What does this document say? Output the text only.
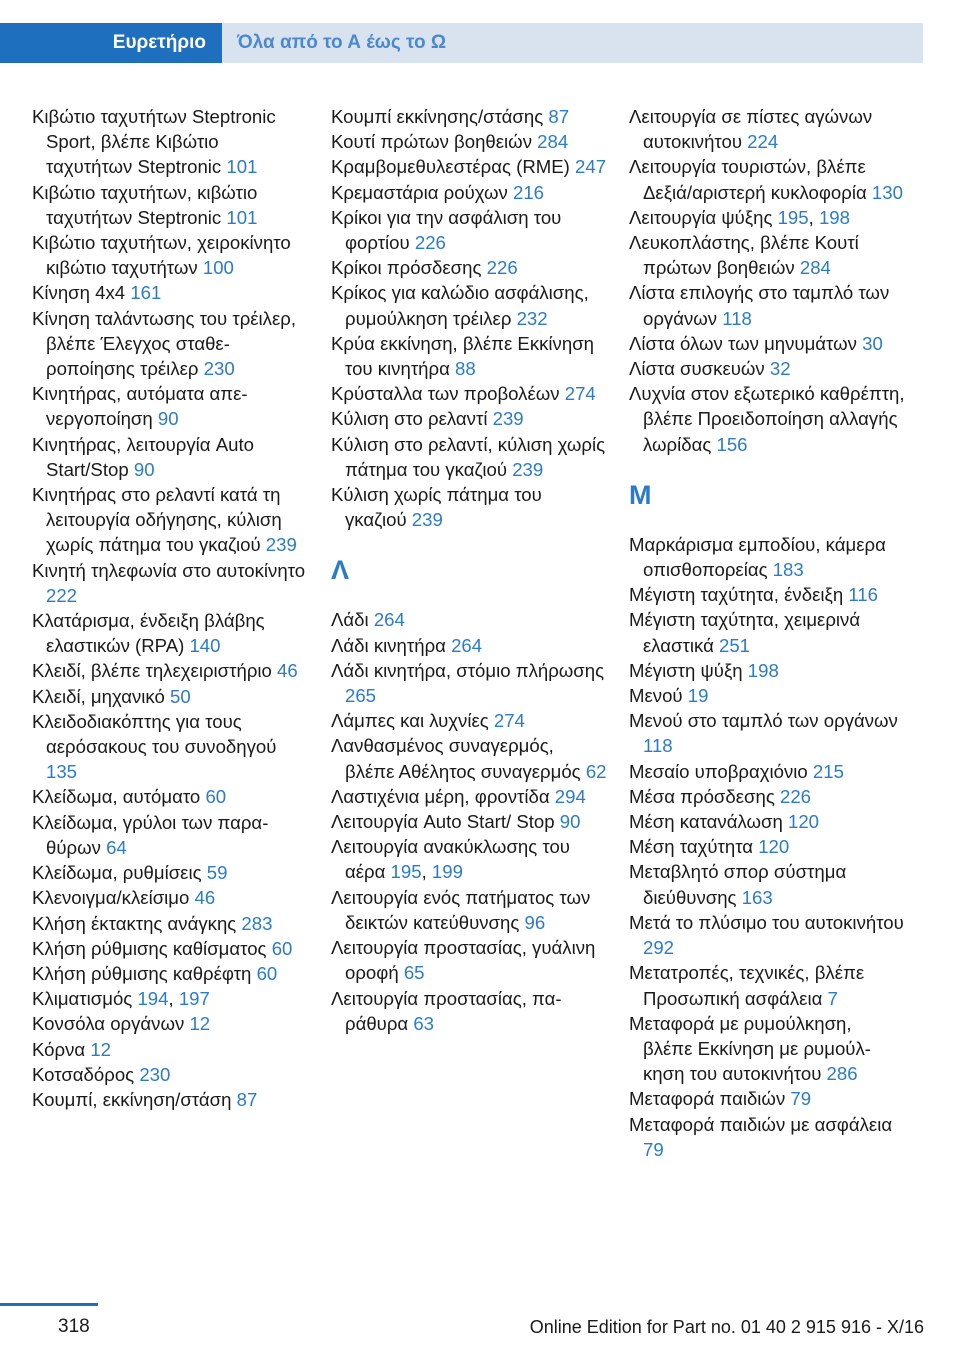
Ευρετήριο	Όλα από το Α έως το Ω
Κιβώτιο ταχυτήτων Steptronic Sport, βλέπε Κιβώτιο ταχυτήτων Steptronic 101
Κιβώτιο ταχυτήτων, κιβώτιο ταχυτήτων Steptronic 101
Κιβώτιο ταχυτήτων, χειροκίνητο κιβώτιο ταχυτήτων 100
Κίνηση 4x4 161
Κίνηση ταλάντωσης του τρέιλερ, βλέπε Έλεγχος σταθεροποίησης τρέιλερ 230
Κινητήρας, αυτόματα απενεργοποίηση 90
Κινητήρας, λειτουργία Auto Start/Stop 90
Κινητήρας στο ρελαντί κατά τη λειτουργία οδήγησης, κύλιση χωρίς πάτημα του γκαζιού 239
Κινητή τηλεφωνία στο αυτοκίνητο 222
Κλατάρισμα, ένδειξη βλάβης ελαστικών (RPA) 140
Κλειδί, βλέπε τηλεχειριστήριο 46
Κλειδί, μηχανικό 50
Κλειδοδιακόπτης για τους αερόσακους του συνοδηγού 135
Κλείδωμα, αυτόματο 60
Κλείδωμα, γρύλοι των παραθύρων 64
Κλείδωμα, ρυθμίσεις 59
Κλενοιγμα/κλείσιμο 46
Κλήση έκτακτης ανάγκης 283
Κλήση ρύθμισης καθίσματος 60
Κλήση ρύθμισης καθρέφτη 60
Κλιματισμός 194, 197
Κονσόλα οργάνων 12
Κόρνα 12
Κοτσαδόρος 230
Κουμπί, εκκίνηση/στάση 87
Κουμπί εκκίνησης/στάσης 87
Κουτί πρώτων βοηθειών 284
Κραμβομεθυλεστέρας (RME) 247
Κρεμαστάρια ρούχων 216
Κρίκοι για την ασφάλιση του φορτίου 226
Κρίκοι πρόσδεσης 226
Κρίκος για καλώδιο ασφάλισης, ρυμούλκηση τρέιλερ 232
Κρύα εκκίνηση, βλέπε Εκκίνηση του κινητήρα 88
Κρύσταλλα των προβολέων 274
Κύλιση στο ρελαντί 239
Κύλιση στο ρελαντί, κύλιση χωρίς πάτημα του γκαζιού 239
Κύλιση χωρίς πάτημα του γκαζιού 239
Λ
Λάδι 264
Λάδι κινητήρα 264
Λάδι κινητήρα, στόμιο πλήρωσης 265
Λάμπες και λυχνίες 274
Λανθασμένος συναγερμός, βλέπε Αθέλητος συναγερμός 62
Λαστιχένια μέρη, φροντίδα 294
Λειτουργία Auto Start/ Stop 90
Λειτουργία ανακύκλωσης του αέρα 195, 199
Λειτουργία ενός πατήματος των δεικτών κατεύθυνσης 96
Λειτουργία προστασίας, γυάλινη οροφή 65
Λειτουργία προστασίας, παράθυρα 63
Λειτουργία σε πίστες αγώνων αυτοκινήτου 224
Λειτουργία τουριστών, βλέπε Δεξιά/αριστερή κυκλοφορία 130
Λειτουργία ψύξης 195, 198
Λευκοπλάστης, βλέπε Κουτί πρώτων βοηθειών 284
Λίστα επιλογής στο ταμπλό των οργάνων 118
Λίστα όλων των μηνυμάτων 30
Λίστα συσκευών 32
Λυχνία στον εξωτερικό καθρέπτη, βλέπε Προειδοποίηση αλλαγής λωρίδας 156
Μ
Μαρκάρισμα εμποδίου, κάμερα οπισθοπορείας 183
Μέγιστη ταχύτητα, ένδειξη 116
Μέγιστη ταχύτητα, χειμερινά ελαστικά 251
Μέγιστη ψύξη 198
Μενού 19
Μενού στο ταμπλό των οργάνων 118
Μεσαίο υποβραχιόνιο 215
Μέσα πρόσδεσης 226
Μέση κατανάλωση 120
Μέση ταχύτητα 120
Μεταβλητό σπορ σύστημα διεύθυνσης 163
Μετά το πλύσιμο του αυτοκινήτου 292
Μετατροπές, τεχνικές, βλέπε Προσωπική ασφάλεια 7
Μεταφορά με ρυμούλκηση, βλέπε Εκκίνηση με ρυμούλκηση του αυτοκινήτου 286
Μεταφορά παιδιών 79
Μεταφορά παιδιών με ασφάλεια 79
318	Online Edition for Part no. 01 40 2 915 916 - X/16
